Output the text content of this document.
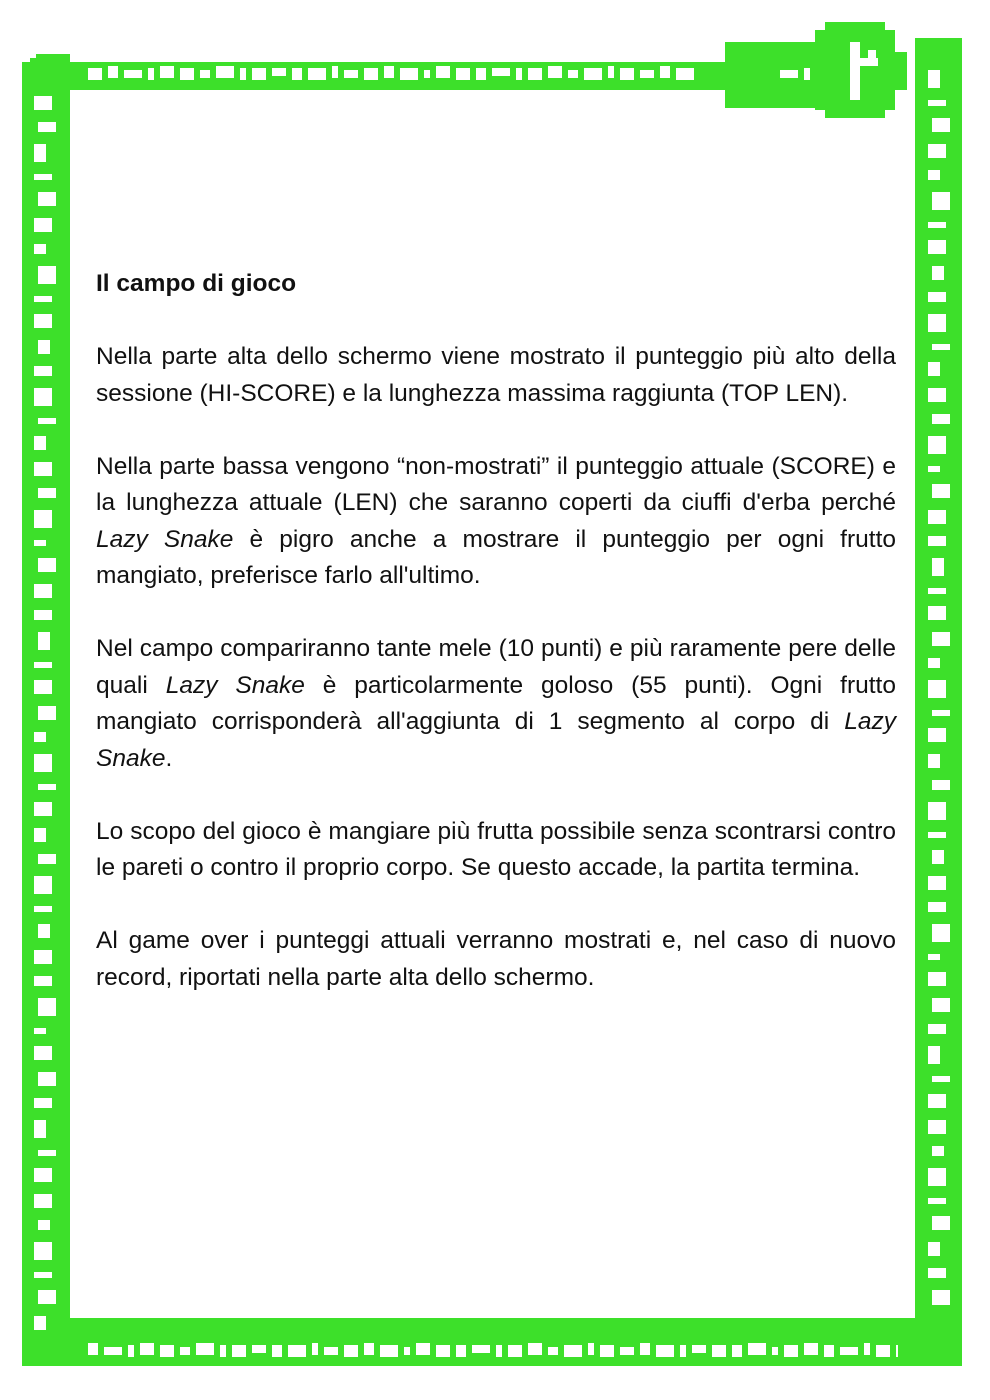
Il campo di gioco

Nella parte alta dello schermo viene mostrato il punteggio più alto della sessione (HI-SCORE) e la lunghezza massima raggiunta (TOP LEN).

Nella parte bassa vengono “non-mostrati” il punteggio attuale (SCORE) e la lunghezza attuale (LEN) che saranno coperti da ciuffi d'erba perché Lazy Snake è pigro anche a mostrare il punteggio per ogni frutto mangiato, preferisce farlo all'ultimo.

Nel campo compariranno tante mele (10 punti) e più raramente pere delle quali Lazy Snake è particolarmente goloso (55 punti). Ogni frutto mangiato corrisponderà all'aggiunta di 1 segmento al corpo di Lazy Snake.

Lo scopo del gioco è mangiare più frutta possibile senza scontrarsi contro le pareti o contro il proprio corpo. Se questo accade, la partita termina.

Al game over i punteggi attuali verranno mostrati e, nel caso di nuovo record, riportati nella parte alta dello schermo.
